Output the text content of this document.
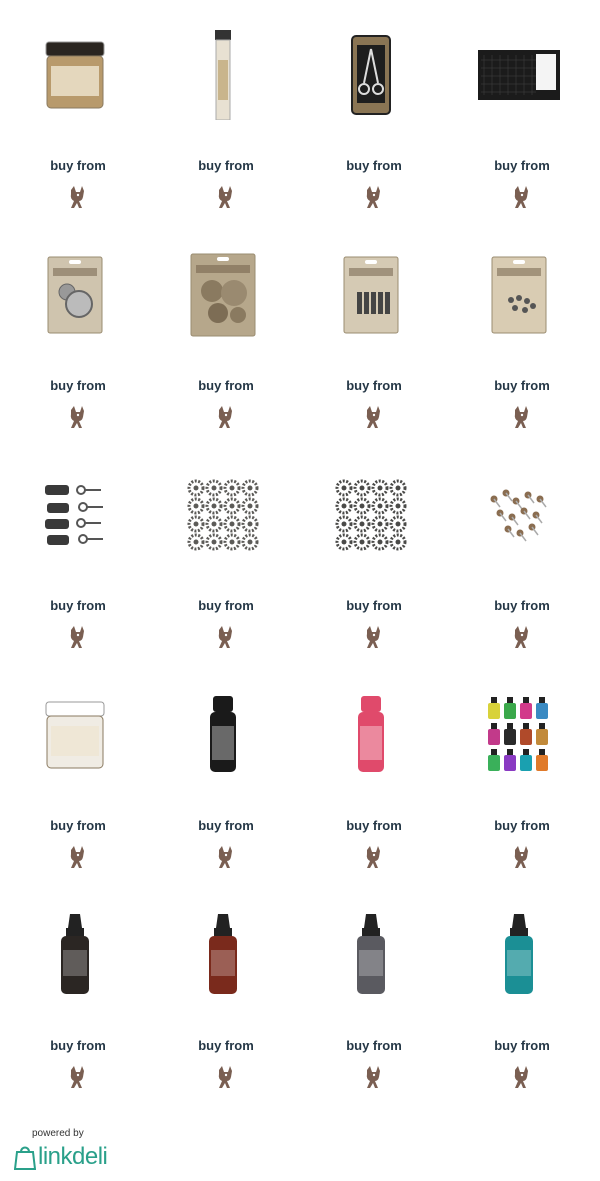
buy from	buy from	buy from	buy from
buy from	buy from	buy from	buy from
buy from	buy from	buy from	buy from
buy from	buy from	buy from	buy from
buy from	buy from	buy from	buy from
powered by
linkdeli
